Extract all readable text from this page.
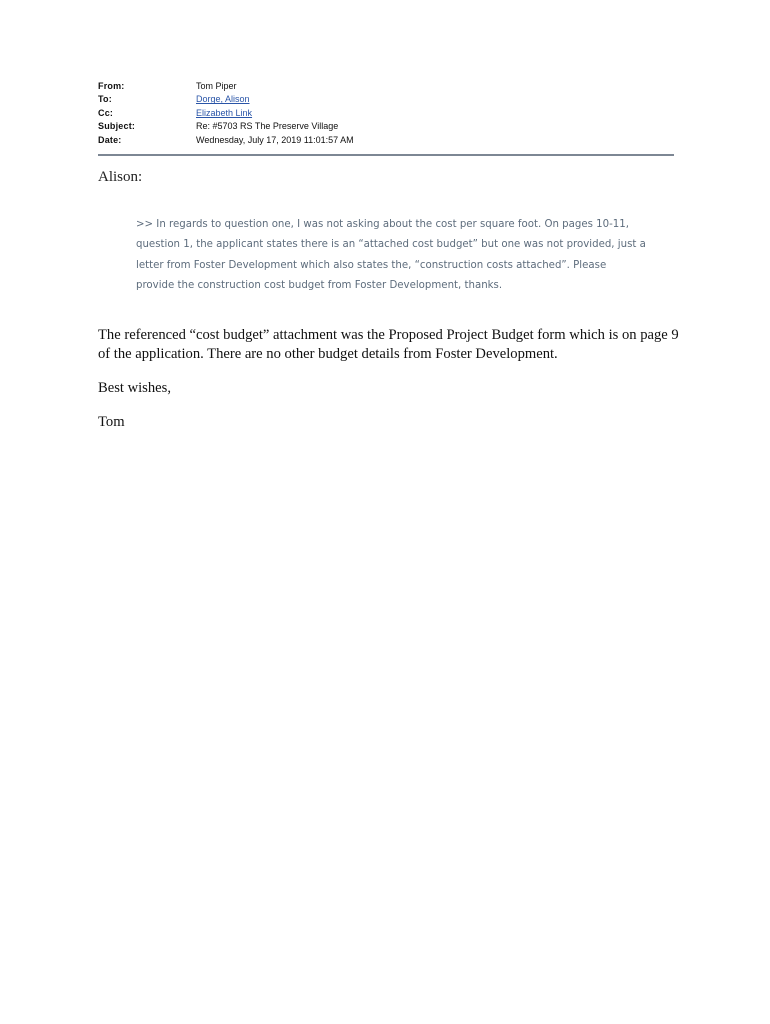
From:	Tom Piper
To:	Dorge, Alison
Cc:	Elizabeth Link
Subject:	Re: #5703 RS The Preserve Village
Date:	Wednesday, July 17, 2019 11:01:57 AM
Alison:

>> In regards to question one, I was not asking about the cost per square foot. On pages 10-11, question 1, the applicant states there is an “attached cost budget” but one was not provided, just a letter from Foster Development which also states the, “construction costs attached”. Please provide the construction cost budget from Foster Development, thanks.

The referenced “cost budget” attachment was the Proposed Project Budget form which is on page 9 of the application. There are no other budget details from Foster Development.

Best wishes,
Tom
